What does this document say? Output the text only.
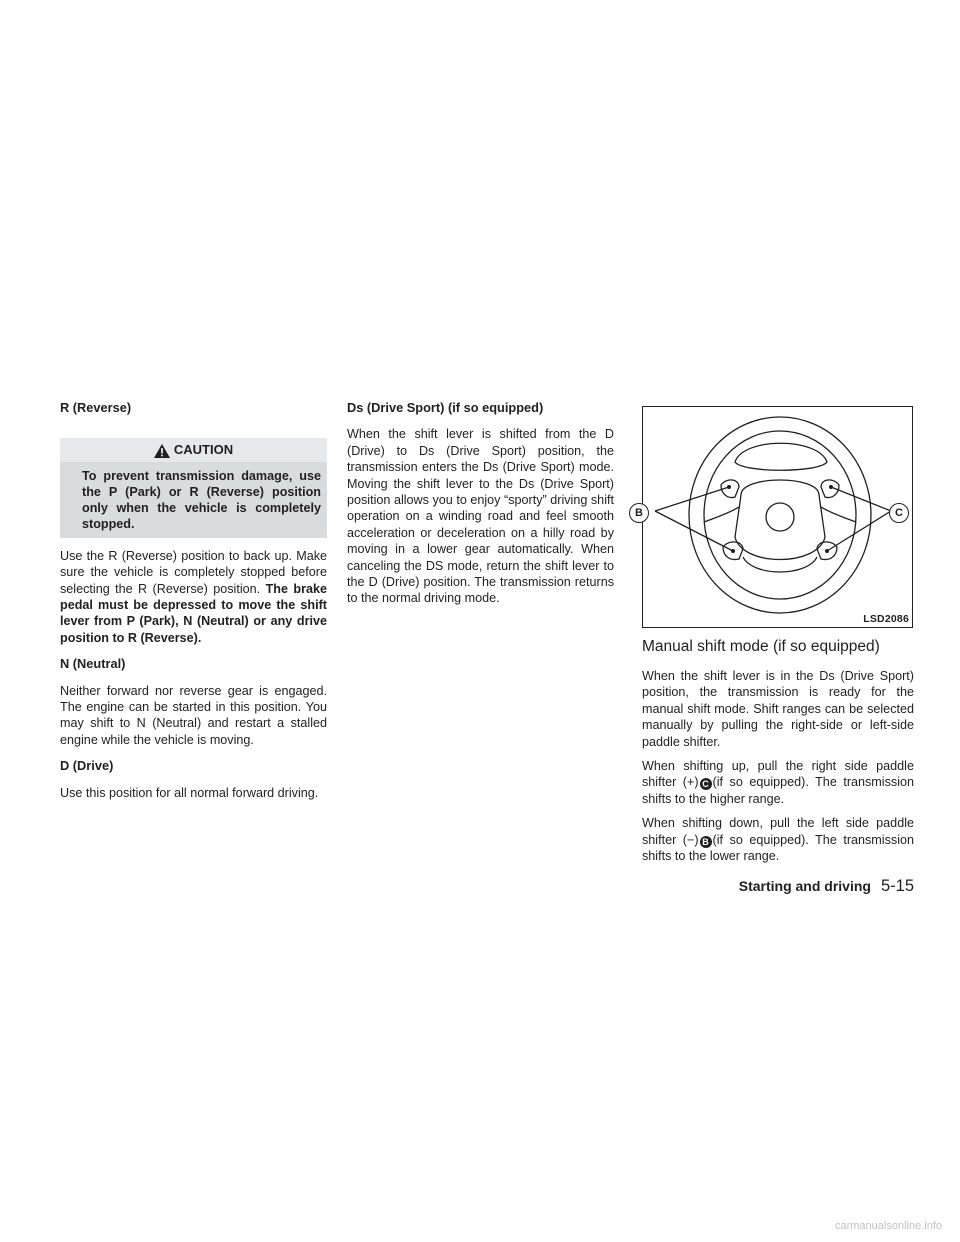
R (Reverse)
CAUTION
To prevent transmission damage, use the P (Park) or R (Reverse) position only when the vehicle is completely stopped.

Use the R (Reverse) position to back up. Make sure the vehicle is completely stopped before selecting the R (Reverse) position. The brake pedal must be depressed to move the shift lever from P (Park), N (Neutral) or any drive position to R (Reverse).

N (Neutral)

Neither forward nor reverse gear is engaged. The engine can be started in this position. You may shift to N (Neutral) and restart a stalled engine while the vehicle is moving.

D (Drive)

Use this position for all normal forward driving.

Ds (Drive Sport) (if so equipped)

When the shift lever is shifted from the D (Drive) to Ds (Drive Sport) position, the transmission enters the Ds (Drive Sport) mode. Moving the shift lever to the Ds (Drive Sport) position allows you to enjoy “sporty” driving shift operation on a winding road and feel smooth acceleration or deceleration on a hilly road by moving in a lower gear automatically. When canceling the DS mode, return the shift lever to the D (Drive) position. The transmission returns to the normal driving mode.

B	C
LSD2086
Manual shift mode (if so equipped)

When the shift lever is in the Ds (Drive Sport) position, the transmission is ready for the manual shift mode. Shift ranges can be selected manually by pulling the right-side or left-side paddle shifter.

When shifting up, pull the right side paddle shifter (+) C (if so equipped). The transmission shifts to the higher range.

When shifting down, pull the left side paddle shifter (−) B (if so equipped). The transmission shifts to the lower range.

Starting and driving 5-15
carmanualsonline.info
